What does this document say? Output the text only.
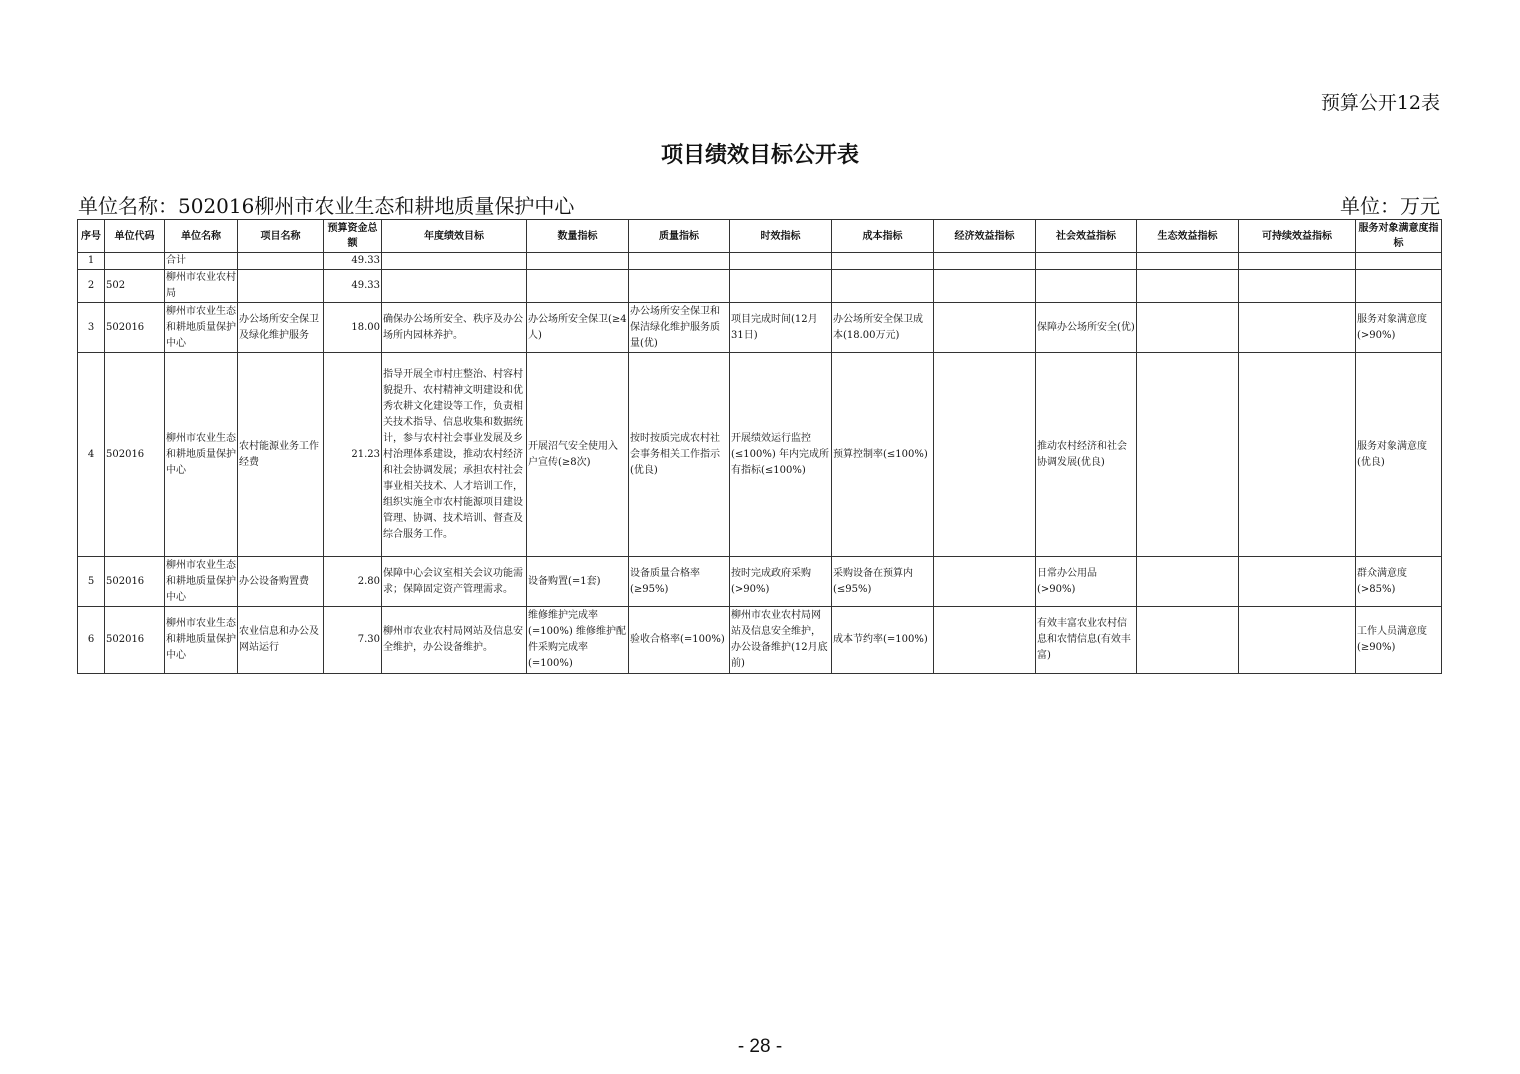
预算公开12表
项目绩效目标公开表
单位名称：502016柳州市农业生态和耕地质量保护中心	单位：万元
序号	单位代码	单位名称	项目名称	预算资金总额	年度绩效目标	数量指标	质量指标	时效指标	成本指标	经济效益指标	社会效益指标	生态效益指标	可持续效益指标	服务对象满意度指标
1		合计		49.33										
2	502	柳州市农业农村局		49.33										
3	502016	柳州市农业生态和耕地质量保护中心	办公场所安全保卫及绿化维护服务	18.00	确保办公场所安全、秩序及办公场所内园林养护。	办公场所安全保卫(≥4人)	办公场所安全保卫和保洁绿化维护服务质量(优)	项目完成时间(12月31日)	办公场所安全保卫成本(18.00万元)		保障办公场所安全(优)			服务对象满意度(>90%)
4	502016	柳州市农业生态和耕地质量保护中心	农村能源业务工作经费	21.23	指导开展全市村庄整治、村容村貌提升、农村精神文明建设和优秀农耕文化建设等工作，负责相关技术指导、信息收集和数据统计，参与农村社会事业发展及乡村治理体系建设，推动农村经济和社会协调发展；承担农村社会事业相关技术、人才培训工作，组织实施全市农村能源项目建设管理、协调、技术培训、督查及综合服务工作。	开展沼气安全使用入户宣传(≥8次)	按时按质完成农村社会事务相关工作指示(优良)	开展绩效运行监控(≤100%) 年内完成所有指标(≤100%)	预算控制率(≤100%)		推动农村经济和社会协调发展(优良)			服务对象满意度(优良)
5	502016	柳州市农业生态和耕地质量保护中心	办公设备购置费	2.80	保障中心会议室相关会议功能需求；保障固定资产管理需求。	设备购置(=1套)	设备质量合格率(≥95%)	按时完成政府采购(>90%)	采购设备在预算内(≤95%)		日常办公用品(>90%)			群众满意度(>85%)
6	502016	柳州市农业生态和耕地质量保护中心	农业信息和办公及网站运行	7.30	柳州市农业农村局网站及信息安全维护，办公设备维护。	维修维护完成率(=100%) 维修维护配件采购完成率(=100%)	验收合格率(=100%)	柳州市农业农村局网站及信息安全维护，办公设备维护(12月底前)	成本节约率(=100%)		有效丰富农业农村信息和农情信息(有效丰富)			工作人员满意度(≥90%)
- 28 -
